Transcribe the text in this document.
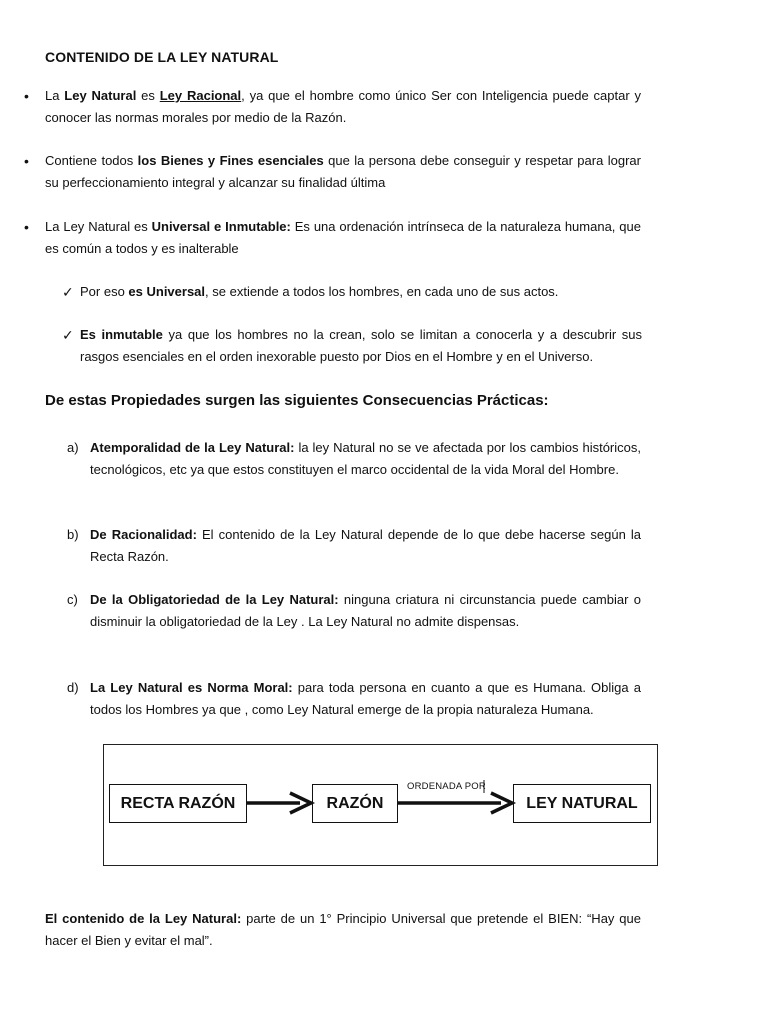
CONTENIDO DE LA LEY NATURAL
• La Ley Natural es Ley Racional, ya que el hombre como único Ser con Inteligencia puede captar y conocer las normas morales por medio de la Razón.

• Contiene todos los Bienes y Fines esenciales que la persona debe conseguir y respetar para lograr su perfeccionamiento integral y alcanzar su finalidad última

• La Ley Natural es Universal e Inmutable: Es una ordenación intrínseca de la naturaleza humana, que es común a todos y es inalterable

✓ Por eso es Universal, se extiende a todos los hombres, en cada uno de sus actos.

✓ Es inmutable ya que los hombres no la crean, solo se limitan a conocerla y a descubrir sus rasgos esenciales en el orden inexorable puesto por Dios en el Hombre y en el Universo.

De estas Propiedades surgen las siguientes Consecuencias Prácticas:
a) Atemporalidad de la Ley Natural: la ley Natural no se ve afectada por los cambios históricos, tecnológicos, etc ya que estos constituyen el marco occidental de la vida Moral del Hombre.

b) De Racionalidad: El contenido de la Ley Natural depende de lo que debe hacerse según la Recta Razón.

c) De la Obligatoriedad de la Ley Natural: ninguna criatura ni circunstancia puede cambiar o disminuir la obligatoriedad de la Ley . La Ley Natural no admite dispensas.

d) La Ley Natural es Norma Moral: para toda persona en cuanto a que es Humana. Obliga a todos los Hombres ya que , como Ley Natural emerge de la propia naturaleza Humana.

RECTA RAZÓN	RAZÓN	LEY NATURAL
ORDENADA POR

El contenido de la Ley Natural: parte de un 1° Principio Universal que pretende el BIEN: “Hay que hacer el Bien y evitar el mal”.
